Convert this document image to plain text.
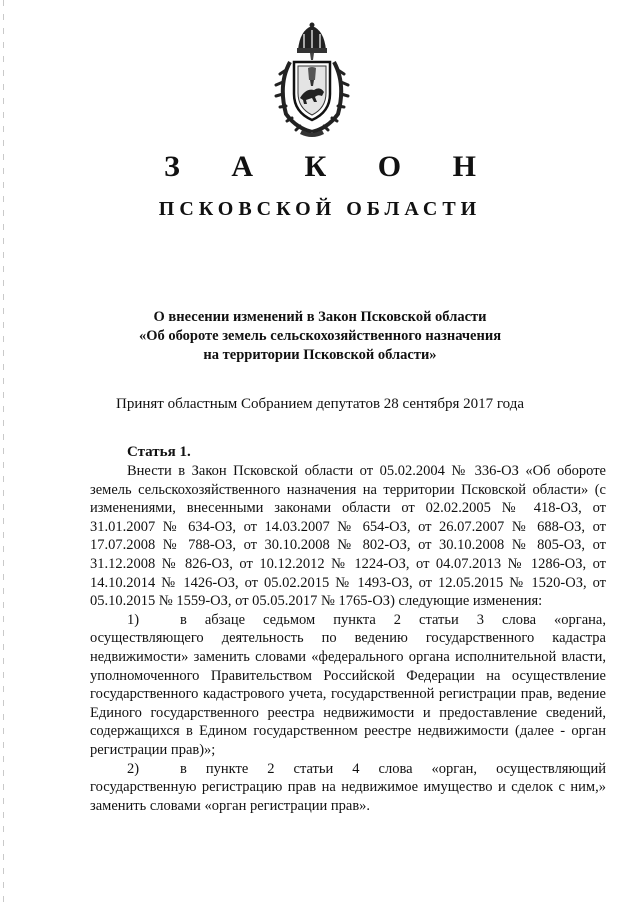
З А К О Н
ПСКОВСКОЙ ОБЛАСТИ
О внесении изменений в Закон Псковской области
«Об обороте земель сельскохозяйственного назначения
на территории Псковской области»
Принят областным Собранием депутатов 28 сентября 2017 года
Статья 1.

Внести в Закон Псковской области от 05.02.2004 № 336-ОЗ «Об обороте земель сельскохозяйственного назначения на территории Псковской области» (с изменениями, внесенными законами области от 02.02.2005 № 418-ОЗ, от 31.01.2007 № 634-ОЗ, от 14.03.2007 № 654-ОЗ, от 26.07.2007 № 688-ОЗ, от 17.07.2008 № 788-ОЗ, от 30.10.2008 № 802-ОЗ, от 30.10.2008 № 805-ОЗ, от 31.12.2008 № 826-ОЗ, от 10.12.2012 № 1224-ОЗ, от 04.07.2013 № 1286-ОЗ, от 14.10.2014 № 1426-ОЗ, от 05.02.2015 № 1493-ОЗ, от 12.05.2015 № 1520-ОЗ, от 05.10.2015 № 1559-ОЗ, от 05.05.2017 № 1765-ОЗ) следующие изменения:

1)	в абзаце седьмом пункта 2 статьи 3 слова «органа, осуществляющего деятельность по ведению государственного кадастра недвижимости» заменить словами «федерального органа исполнительной власти, уполномоченного Правительством Российской Федерации на осуществление государственного кадастрового учета, государственной регистрации прав, ведение Единого государственного реестра недвижимости и предоставление сведений, содержащихся в Едином государственном реестре недвижимости (далее - орган регистрации прав)»;

2)	в пункте 2 статьи 4 слова «орган, осуществляющий государственную регистрацию прав на недвижимое имущество и сделок с ним,» заменить словами «орган регистрации прав».
